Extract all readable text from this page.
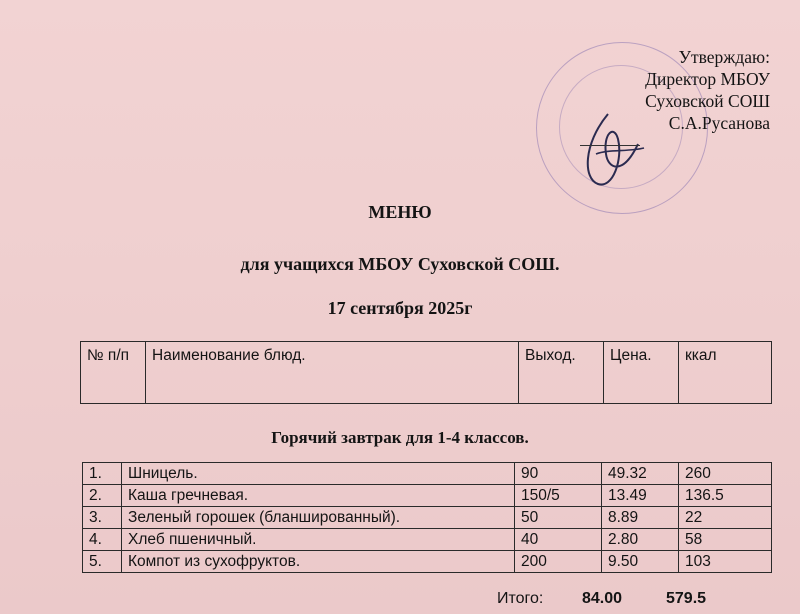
Утверждаю:
Директор МБОУ
Суховской СОШ
С.А.Русанова
МЕНЮ
для учащихся МБОУ Суховской СОШ.
17 сентября 2025г
№ п/п	Наименование блюд.	Выход.	Цена.	ккал
Горячий завтрак для 1-4 классов.
1.	Шницель.	90	49.32	260
2.	Каша гречневая.	150/5	13.49	136.5
3.	Зеленый горошек (бланшированный).	50	8.89	22
4.	Хлеб пшеничный.	40	2.80	58
5.	Компот из сухофруктов.	200	9.50	103
Итого: 84.00	579.5
